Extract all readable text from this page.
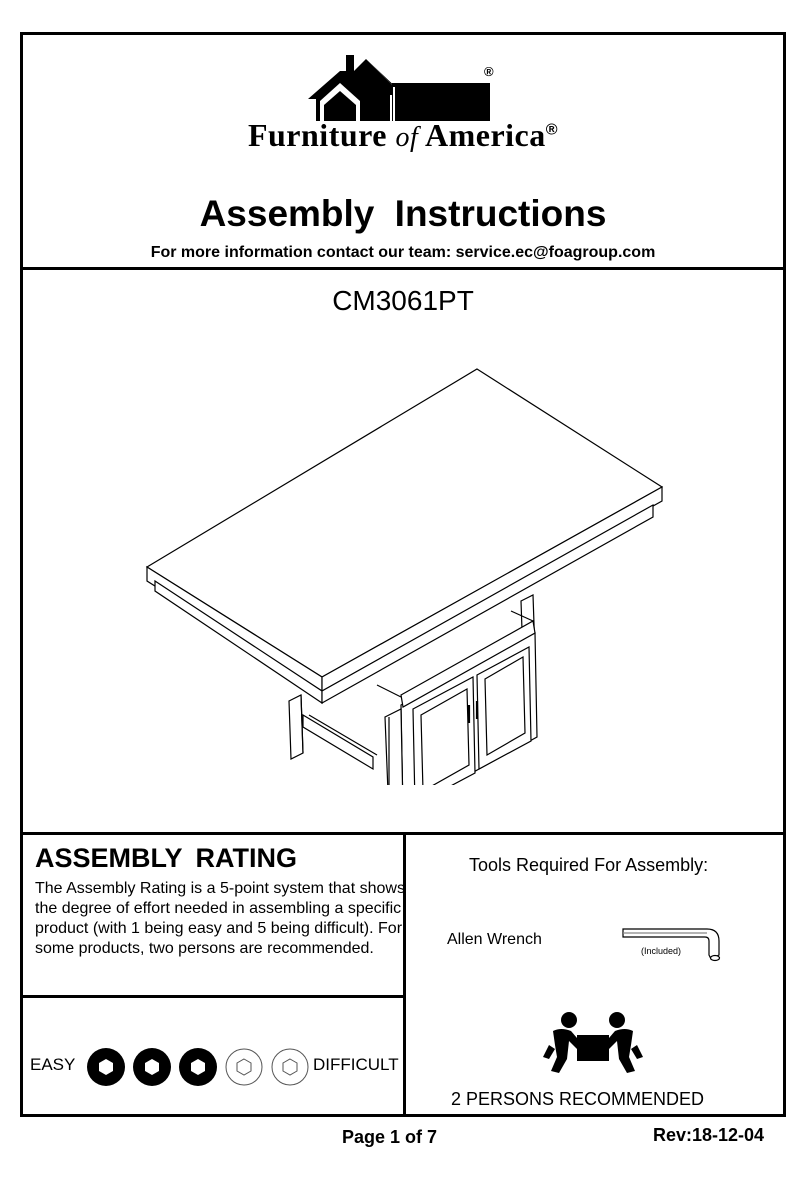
®
Furniture of America®
Assembly Instructions
For more information contact our team: service.ec@foagroup.com
CM3061PT
ASSEMBLY RATING
The Assembly Rating is a 5-point system that shows the degree of effort needed in assembling a specific product (with 1 being easy and 5 being difficult). For some products, two persons are recommended.
EASY	DIFFICULT
Tools Required For Assembly:
Allen Wrench
(Included)
2 PERSONS RECOMMENDED
Page 1 of 7	Rev:18-12-04
